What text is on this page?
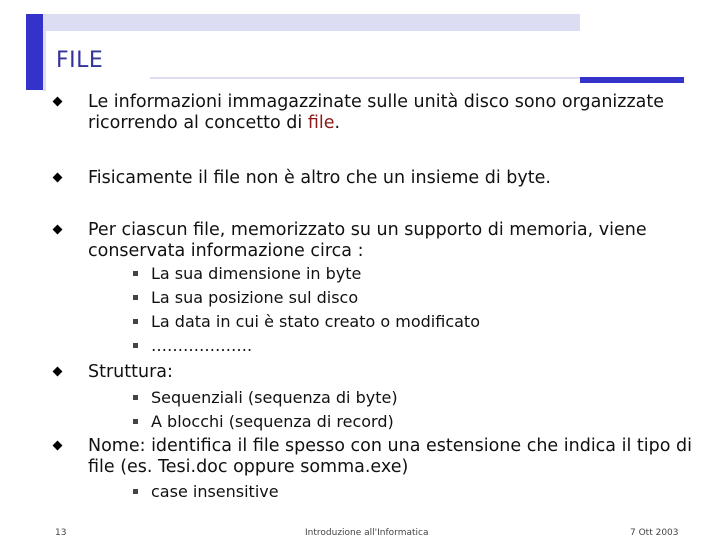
FILE
Le informazioni immagazzinate sulle unità disco sono organizzate ricorrendo al concetto di file.
Fisicamente il file non è altro che un insieme di byte.
Per ciascun file, memorizzato su un supporto di memoria, viene conservata informazione circa :
La sua dimensione in byte
La sua posizione sul disco
La data in cui è stato creato o modificato
……………….
Struttura:
Sequenziali (sequenza di byte)
A blocchi (sequenza di record)
Nome: identifica il file spesso con una estensione che indica il tipo di file (es. Tesi.doc oppure somma.exe)
case insensitive
13	Introduzione all'Informatica	7 Ott 2003
